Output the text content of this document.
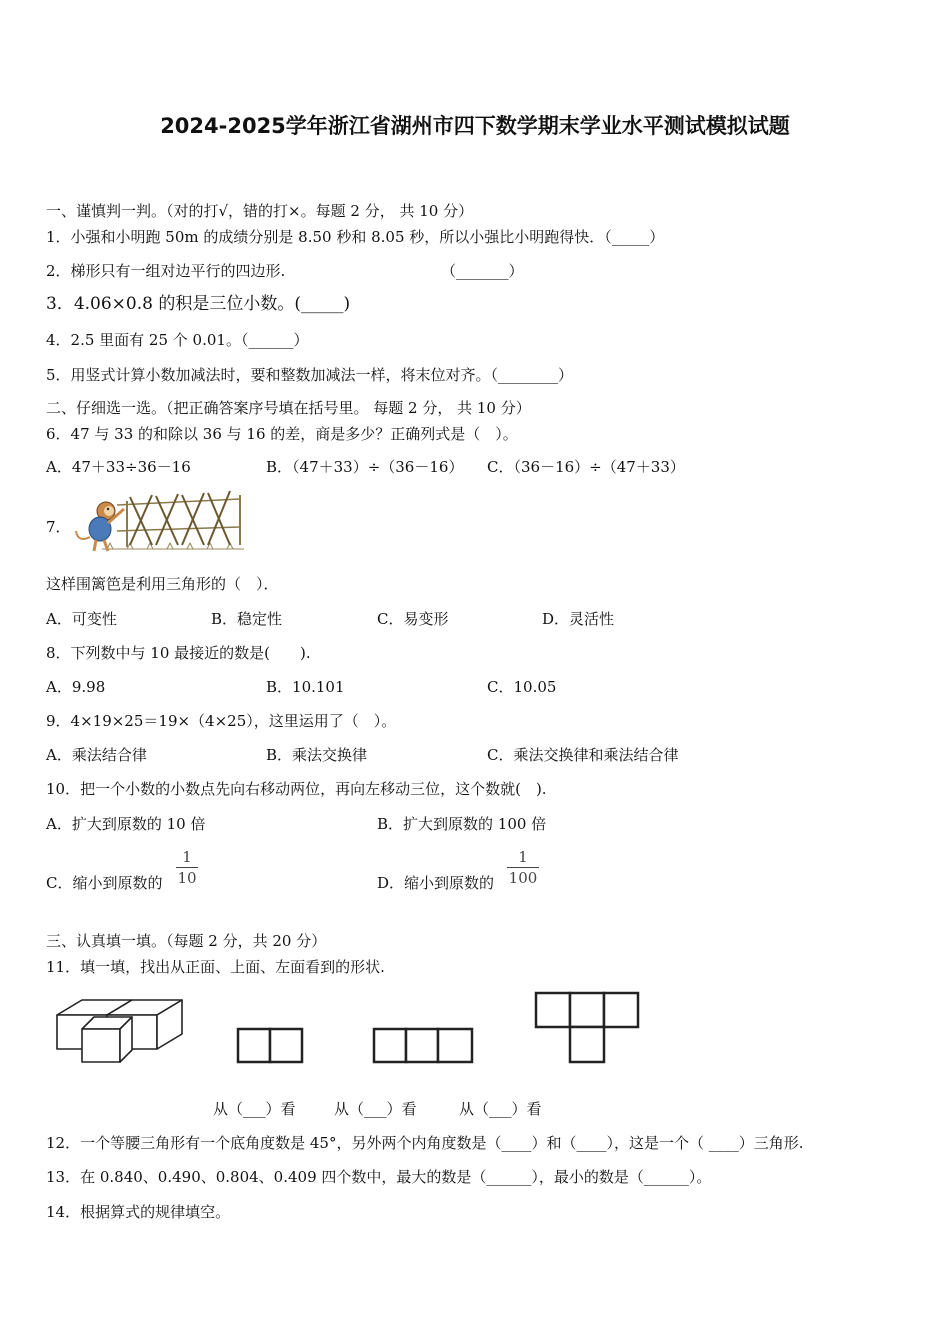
2024-2025学年浙江省湖州市四下数学期末学业水平测试模拟试题
一、谨慎判一判。（对的打√，错的打×。每题 2 分， 共 10 分）
1．小强和小明跑 50m 的成绩分别是 8.50 秒和 8.05 秒，所以小强比小明跑得快．（_____）
2．梯形只有一组对边平行的四边形.	（_______）
3．4.06×0.8 的积是三位小数。(_____)
4．2.5 里面有 25 个 0.01。（______）
5．用竖式计算小数加减法时，要和整数加减法一样，将末位对齐。（________）
二、仔细选一选。（把正确答案序号填在括号里。 每题 2 分， 共 10 分）
6．47 与 33 的和除以 36 与 16 的差，商是多少？正确列式是（　）。
A．47＋33÷36－16	B．（47＋33）÷（36－16） C．（36－16）÷（47＋33）
7．
这样围篱笆是利用三角形的（　）．
A．可变性	B．稳定性	C．易变形	D．灵活性
8．下列数中与 10 最接近的数是(　　).
A．9.98	B．10.101	C．10.05
9．4×19×25＝19×（4×25），这里运用了（　）。
A．乘法结合律	B．乘法交换律	C．乘法交换律和乘法结合律
10．把一个小数的小数点先向右移动两位，再向左移动三位，这个数就(　).
A．扩大到原数的 10 倍	B．扩大到原数的 100 倍
C．缩小到原数的
1
10	D．缩小到原数的
1
100
三、认真填一填。（每题 2 分，共 20 分）
11．填一填，找出从正面、上面、左面看到的形状.
从（___）看	从（___）看	从（___）看
12．一个等腰三角形有一个底角度数是 45°，另外两个内角度数是（____）和（____），这是一个（ ____）三角形.
13．在 0.840、0.490、0.804、0.409 四个数中，最大的数是（______），最小的数是（______）。
14．根据算式的规律填空。
